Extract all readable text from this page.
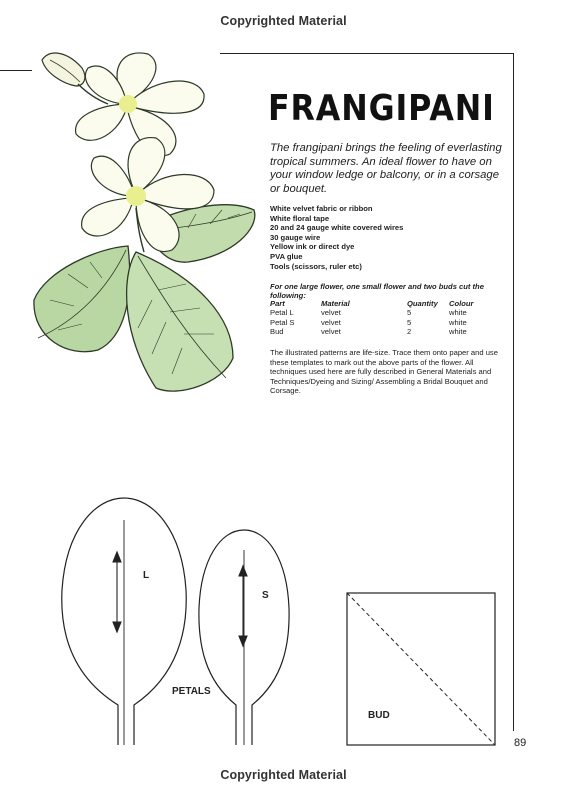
Copyrighted Material
Copyrighted Material
FRANGIPANI
The frangipani brings the feeling of everlasting tropical summers. An ideal flower to have on your window ledge or balcony, or in a corsage or bouquet.
White velvet fabric or ribbon
White floral tape
20 and 24 gauge white covered wires
30 gauge wire
Yellow ink or direct dye
PVA glue
Tools (scissors, ruler etc)
For one large flower, one small flower and two buds cut the following:
Part	Material	Quantity	Colour
Petal L	velvet	5	white
Petal S	velvet	5	white
Bud	velvet	2	white
The illustrated patterns are life-size. Trace them onto paper and use these templates to mark out the above parts of the flower. All techniques used here are fully described in General Materials and Techniques/Dyeing and Sizing/ Assembling a Bridal Bouquet and Corsage.
L
S
PETALS
BUD
89
